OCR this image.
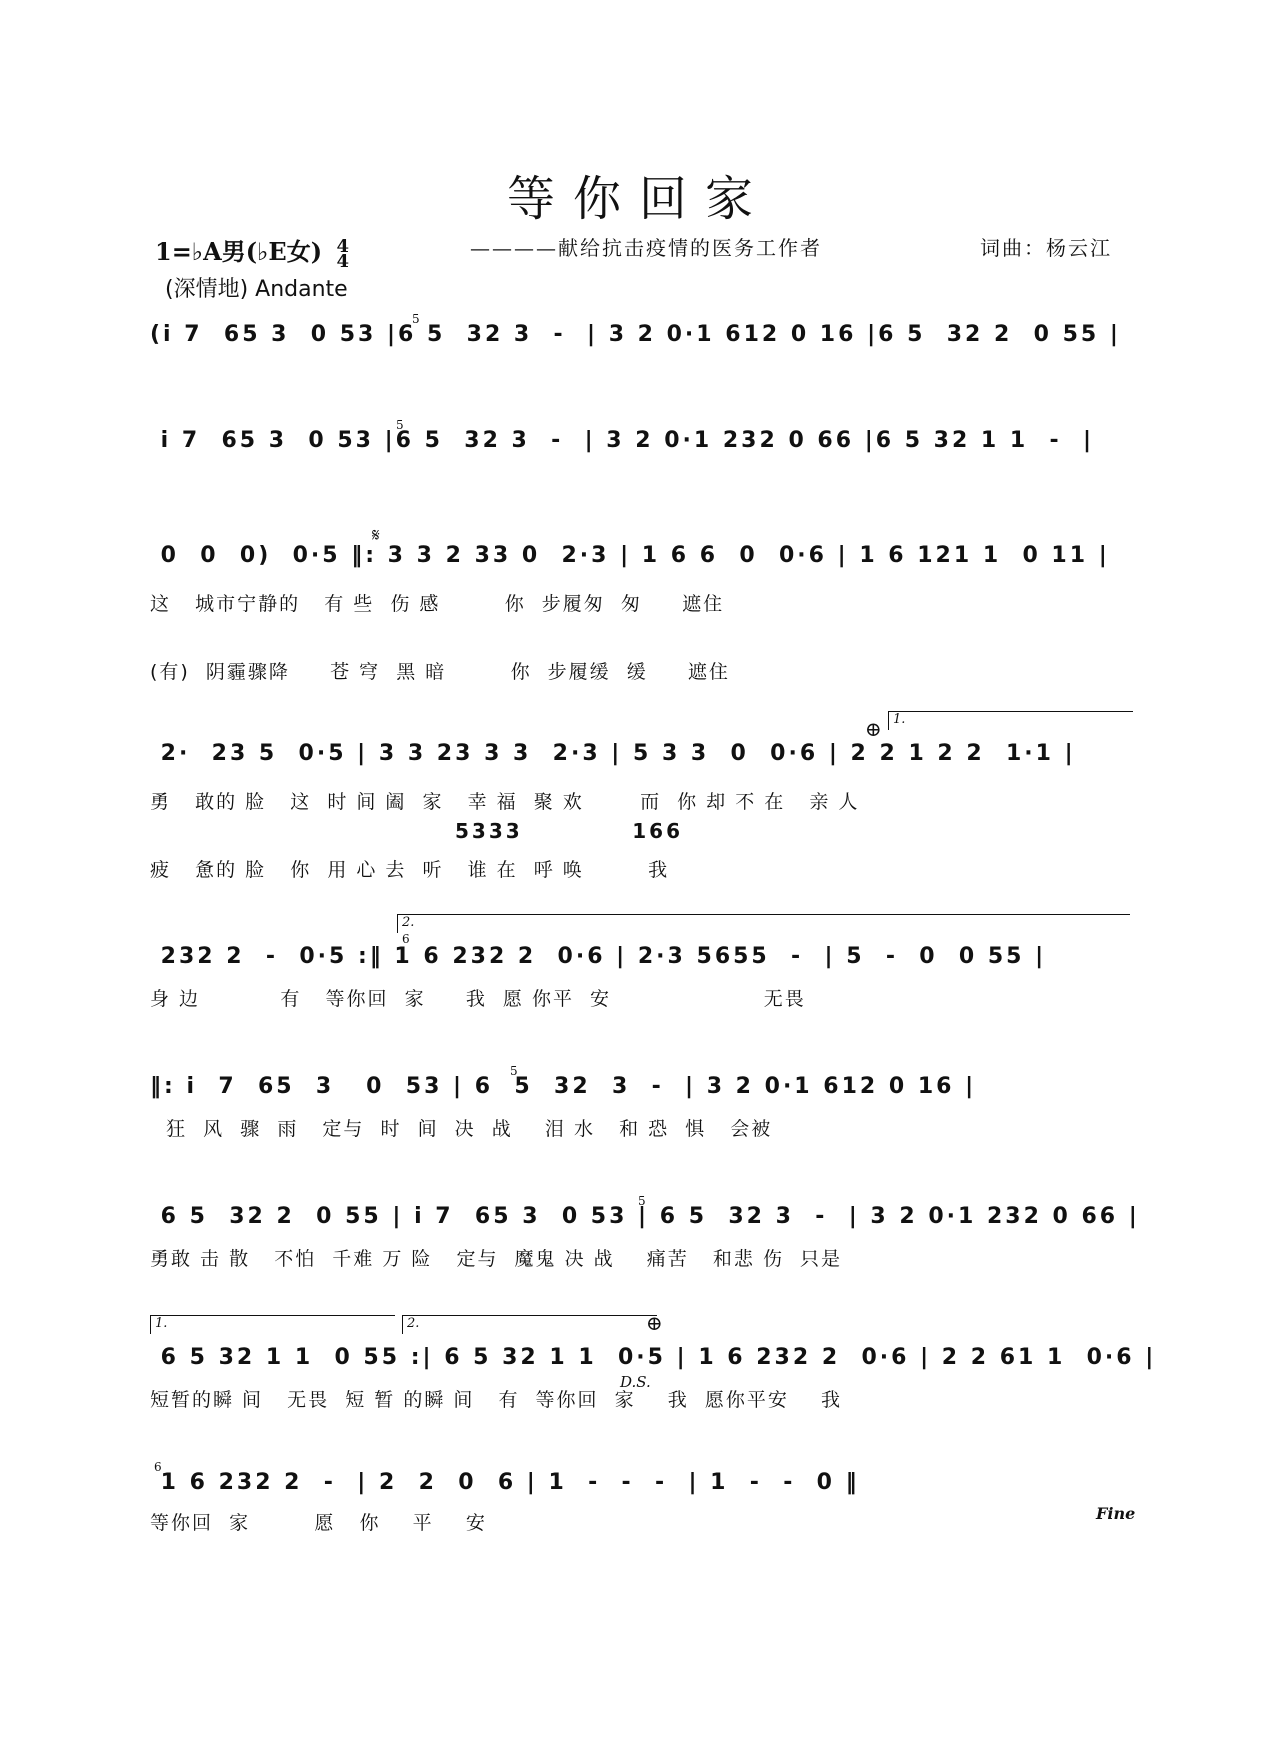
等你回家
1=♭A男(♭E女) 4
4
————献给抗击疫情的医务工作者	词曲：杨云江
(深情地) Andante
5
(i 7  65 3  0 53 |6 5  32 3  -  | 3 2 0·1 612 0 16 |6 5  32 2  0 55 |
5
i 7  65 3  0 53 |6 5  32 3  -  | 3 2 0·1 232 0 66 |6 5 32 1 1  -  |
𝄋
0  0  0)  0·5 ‖: 3 3 2 33 0  2·3 | 1 6 6  0  0·6 | 1 6 121 1  0 11 |
这   城市宁静的   有 些  伤 感        你  步履匆  匆     遮住
(有)  阴霾骤降     苍 穹  黑 暗        你  步履缓  缓     遮住
⊕ 1.
2·  23 5  0·5 | 3 3 23 3 3  2·3 | 5 3 3  0  0·6 | 2 2 1 2 2  1·1 |
勇   敢的 脸   这  时 间 阖  家   幸 福  聚 欢       而  你 却 不 在   亲 人
5333           166
疲   惫的 脸   你  用 心 去  听   谁 在  呼 唤        我
2.
6
232 2  -  0·5 :‖ 1 6 232 2  0·6 | 2·3 5655  -  | 5  -  0  0 55 |
身 边          有   等你回  家     我  愿 你平  安                   无畏
5
‖: i  7  65  3   0  53 | 6  5  32  3  -  | 3 2 0·1 612 0 16 |
狂  风  骤  雨   定与  时  间  决  战    泪 水   和 恐  惧   会被
5
6 5  32 2  0 55 | i 7  65 3  0 53 | 6 5  32 3  -  | 3 2 0·1 232 0 66 |
勇敢 击 散   不怕  千难 万 险   定与  魔鬼 决 战    痛苦   和悲 伤  只是
1.	2.	⊕
D.S.
6 5 32 1 1  0 55 :| 6 5 32 1 1  0·5 | 1 6 232 2  0·6 | 2 2 61 1  0·6 |
短暂的瞬 间   无畏  短 暂 的瞬 间   有  等你回  家    我  愿你平安    我
6
1 6 232 2  -  | 2  2  0  6 | 1  -  -  -  | 1  -  -  0 ‖
等你回  家        愿   你    平    安	Fine
